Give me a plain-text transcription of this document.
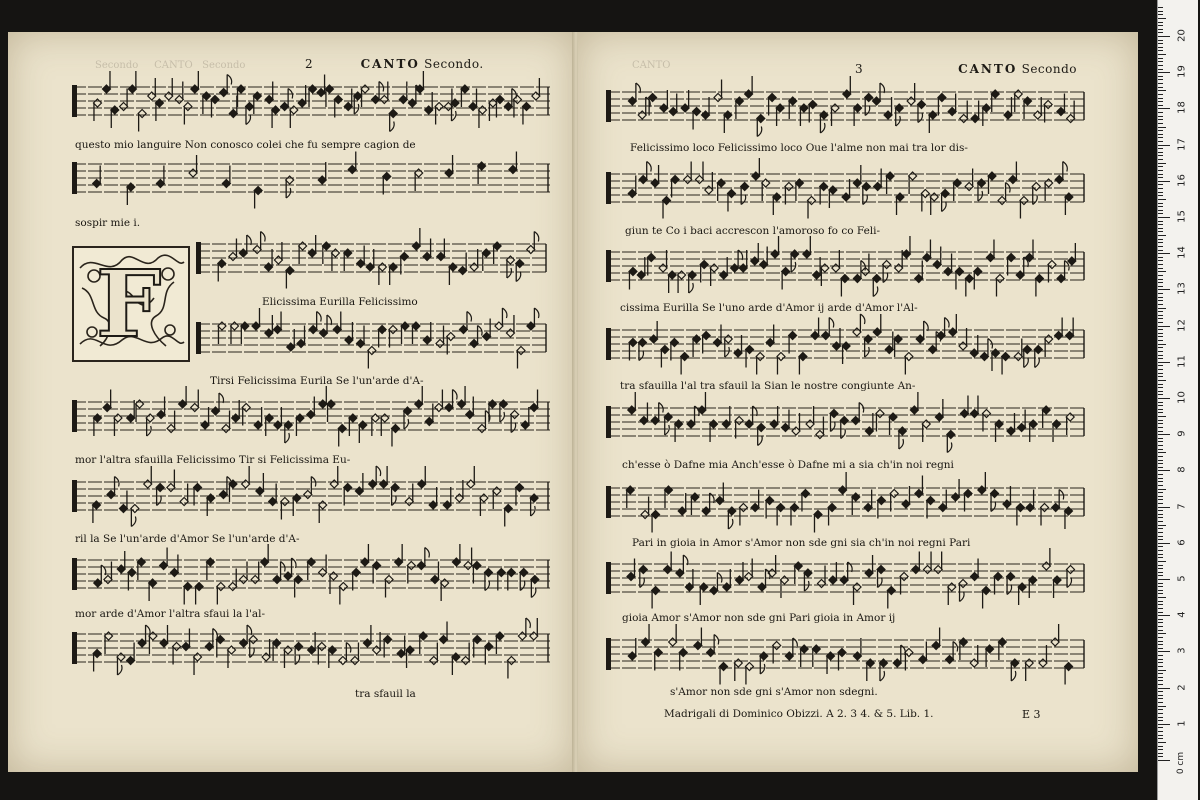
Secondo     CANTO   Secondo	CANTO
2	CANTO Secondo.	3	CANTO Secondo
F
questo mio languire Non conosco colei che fu sempre cagion de
sospir mie i.
Elicissima Eurilla Felicissimo
Tirsi Felicissima Eurila Se l'un'arde d'A-
mor l'altra sfauilla Felicissimo Tir si Felicissima Eu-
ril la Se l'un'arde d'Amor Se l'un'arde d'A-
mor arde d'Amor l'altra sfaui la l'al-
tra sfauil la
Felicissimo loco Felicissimo loco Oue l'alme non mai tra lor dis-
giun te Co i baci accrescon l'amoroso fo co Feli-
cissima Eurilla Se l'uno arde d'Amor ij arde d'Amor l'Al-
tra sfauilla l'al tra sfauil la Sian le nostre congiunte An-
ch'esse ò Dafne mia Anch'esse ò Dafne mi a sia ch'in noi regni
Pari in gioia in Amor s'Amor non sde gni sia ch'in noi regni Pari
gioia Amor s'Amor non sde gni Pari gioia in Amor ij
s'Amor non sde gni s'Amor non sdegni.
Madrigali di Dominico Obizzi. A 2. 3 4. & 5. Lib. 1.	E 3
0 cm
1
2
3
4
5
6
7
8
9
10
11
12
13
14
15
16
17
18
19
20
